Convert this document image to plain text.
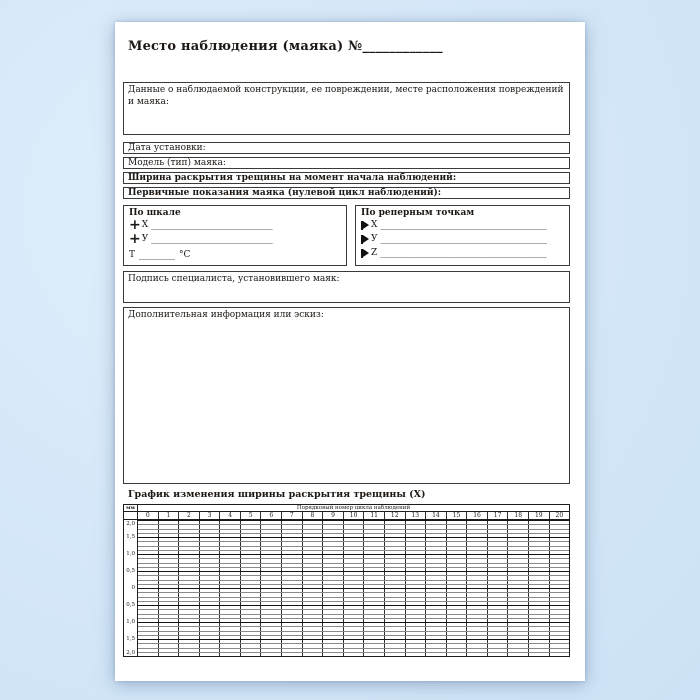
Место наблюдения (маяка) №____________
Данные о наблюдаемой конструкции, ее повреждении, месте расположения повреждений и маяка:
Дата установки:
Модель (тип) маяка:
Ширина раскрытия трещины на момент начала наблюдений:
Первичные показания маяка (нулевой цикл наблюдений):
По шкале
+ X ___________________________
+ У ___________________________
Т ________ °С
По реперным точкам
X _____________________________________
У _____________________________________
Z _____________________________________
Подпись специалиста, установившего маяк:
Дополнительная информация или эскиз:
График изменения ширины раскрытия трещины (X)
мм	Порядковый номер цикла наблюдений
0	1	2	3	4	5	6	7	8	9	10	11	12	13	14	15	16	17	18	19	20
2,0
1,5
1,0
0,5
0
0,5
1,0
1,5
2,0
